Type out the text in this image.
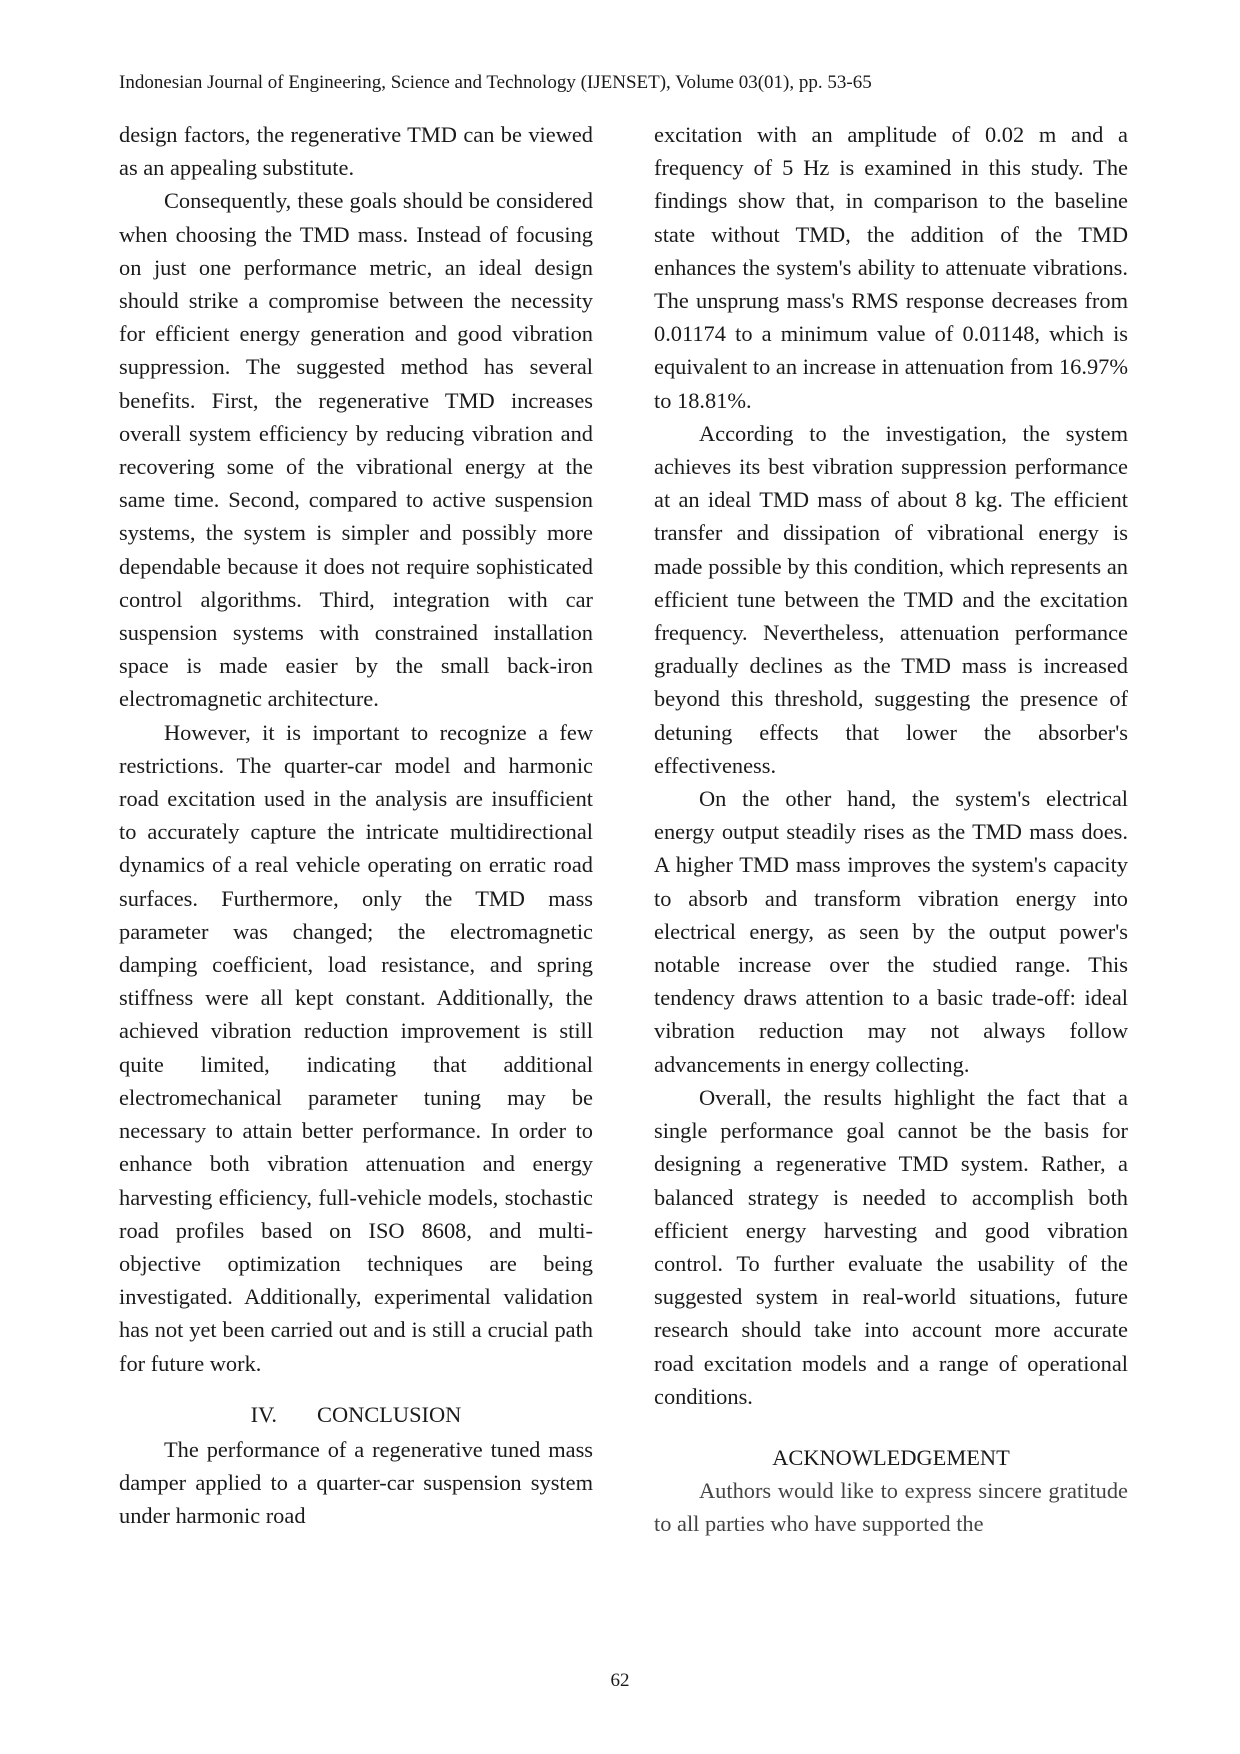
Indonesian Journal of Engineering, Science and Technology (IJENSET), Volume 03(01), pp. 53-65

design factors, the regenerative TMD can be viewed as an appealing substitute.

Consequently, these goals should be considered when choosing the TMD mass. Instead of focusing on just one performance metric, an ideal design should strike a compromise between the necessity for efficient energy generation and good vibration suppression. The suggested method has several benefits. First, the regenerative TMD increases overall system efficiency by reducing vibration and recovering some of the vibrational energy at the same time. Second, compared to active suspension systems, the system is simpler and possibly more dependable because it does not require sophisticated control algorithms. Third, integration with car suspension systems with constrained installation space is made easier by the small back-iron electromagnetic architecture.

However, it is important to recognize a few restrictions. The quarter-car model and harmonic road excitation used in the analysis are insufficient to accurately capture the intricate multidirectional dynamics of a real vehicle operating on erratic road surfaces. Furthermore, only the TMD mass parameter was changed; the electromagnetic damping coefficient, load resistance, and spring stiffness were all kept constant. Additionally, the achieved vibration reduction improvement is still quite limited, indicating that additional electromechanical parameter tuning may be necessary to attain better performance. In order to enhance both vibration attenuation and energy harvesting efficiency, full-vehicle models, stochastic road profiles based on ISO 8608, and multi-objective optimization techniques are being investigated. Additionally, experimental validation has not yet been carried out and is still a crucial path for future work.

IV. CONCLUSION

The performance of a regenerative tuned mass damper applied to a quarter-car suspension system under harmonic road

excitation with an amplitude of 0.02 m and a frequency of 5 Hz is examined in this study. The findings show that, in comparison to the baseline state without TMD, the addition of the TMD enhances the system's ability to attenuate vibrations. The unsprung mass's RMS response decreases from 0.01174 to a minimum value of 0.01148, which is equivalent to an increase in attenuation from 16.97% to 18.81%.

According to the investigation, the system achieves its best vibration suppression performance at an ideal TMD mass of about 8 kg. The efficient transfer and dissipation of vibrational energy is made possible by this condition, which represents an efficient tune between the TMD and the excitation frequency. Nevertheless, attenuation performance gradually declines as the TMD mass is increased beyond this threshold, suggesting the presence of detuning effects that lower the absorber's effectiveness.

On the other hand, the system's electrical energy output steadily rises as the TMD mass does. A higher TMD mass improves the system's capacity to absorb and transform vibration energy into electrical energy, as seen by the output power's notable increase over the studied range. This tendency draws attention to a basic trade-off: ideal vibration reduction may not always follow advancements in energy collecting.

Overall, the results highlight the fact that a single performance goal cannot be the basis for designing a regenerative TMD system. Rather, a balanced strategy is needed to accomplish both efficient energy harvesting and good vibration control. To further evaluate the usability of the suggested system in real-world situations, future research should take into account more accurate road excitation models and a range of operational conditions.

ACKNOWLEDGEMENT

Authors would like to express sincere gratitude to all parties who have supported the

62
